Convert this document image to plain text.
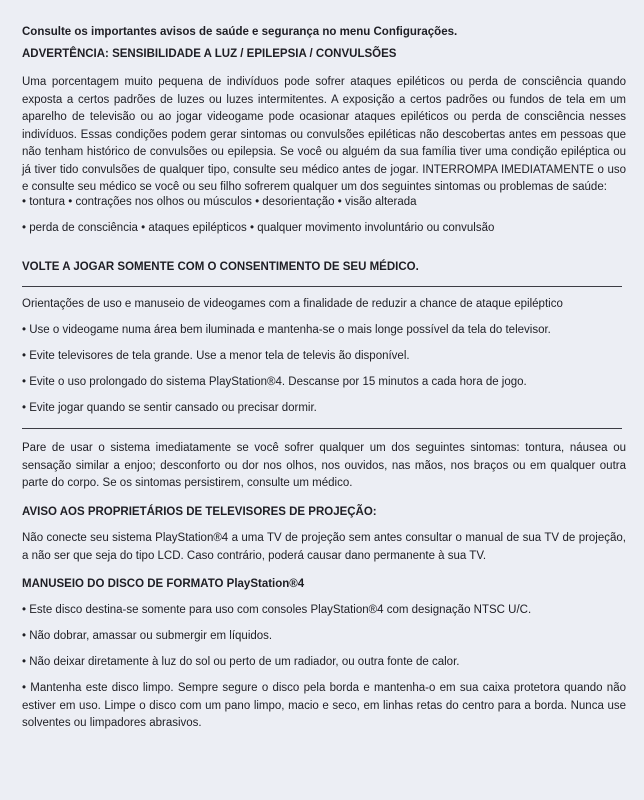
Consulte os importantes avisos de saúde e segurança no menu Configurações.
ADVERTÊNCIA: SENSIBILIDADE A LUZ / EPILEPSIA / CONVULSÕES

Uma porcentagem muito pequena de indivíduos pode sofrer ataques epiléticos ou perda de consciência quando exposta a certos padrões de luzes ou luzes intermitentes. A exposição a certos padrões ou fundos de tela em um aparelho de televisão ou ao jogar videogame pode ocasionar ataques epiléticos ou perda de consciência nesses indivíduos. Essas condições podem gerar sintomas ou convulsões epiléticas não descobertas antes em pessoas que não tenham histórico de convulsões ou epilepsia. Se você ou alguém da sua família tiver uma condição epiléptica ou já tiver tido convulsões de qualquer tipo, consulte seu médico antes de jogar. INTERROMPA IMEDIATAMENTE o uso e consulte seu médico se você ou seu filho sofrerem qualquer um dos seguintes sintomas ou problemas de saúde:

• tontura • contrações nos olhos ou músculos • desorientação • visão alterada

• perda de consciência • ataques epilépticos • qualquer movimento involuntário ou convulsão

VOLTE A JOGAR SOMENTE COM O CONSENTIMENTO DE SEU MÉDICO.

Orientações de uso e manuseio de videogames com a finalidade de reduzir a chance de ataque epiléptico

• Use o videogame numa área bem iluminada e mantenha-se o mais longe possível da tela do televisor.

• Evite televisores de tela grande. Use a menor tela de televis ão disponível.

• Evite o uso prolongado do sistema PlayStation®4. Descanse por 15 minutos a cada hora de jogo.

• Evite jogar quando se sentir cansado ou precisar dormir.

Pare de usar o sistema imediatamente se você sofrer qualquer um dos seguintes sintomas: tontura, náusea ou sensação similar a enjoo; desconforto ou dor nos olhos, nos ouvidos, nas mãos, nos braços ou em qualquer outra parte do corpo. Se os sintomas persistirem, consulte um médico.

AVISO AOS PROPRIETÁRIOS DE TELEVISORES DE PROJEÇÃO:

Não conecte seu sistema PlayStation®4 a uma TV de projeção sem antes consultar o manual de sua TV de projeção, a não ser que seja do tipo LCD. Caso contrário, poderá causar dano permanente à sua TV.

MANUSEIO DO DISCO DE FORMATO PlayStation®4

• Este disco destina-se somente para uso com consoles PlayStation®4 com designação NTSC U/C.

• Não dobrar, amassar ou submergir em líquidos.

• Não deixar diretamente à luz do sol ou perto de um radiador, ou outra fonte de calor.

• Mantenha este disco limpo. Sempre segure o disco pela borda e mantenha-o em sua caixa protetora quando não estiver em uso. Limpe o disco com um pano limpo, macio e seco, em linhas retas do centro para a borda. Nunca use solventes ou limpadores abrasivos.
